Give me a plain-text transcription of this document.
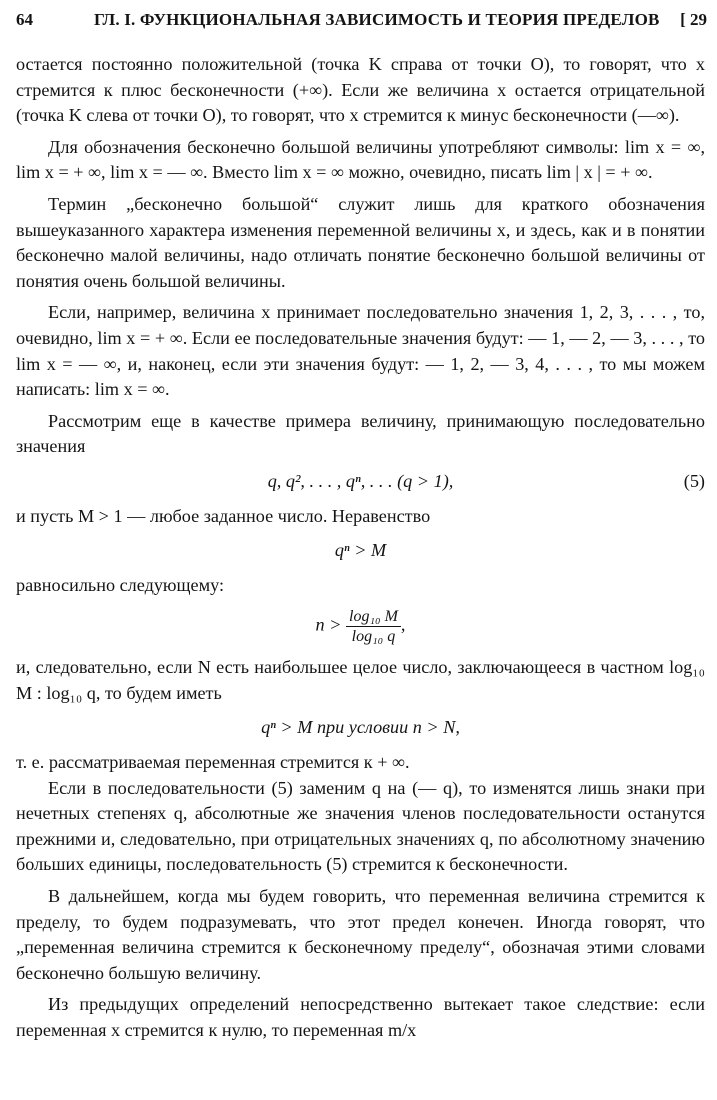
64	ГЛ. I. ФУНКЦИОНАЛЬНАЯ ЗАВИСИМОСТЬ И ТЕОРИЯ ПРЕДЕЛОВ [ 29

остается постоянно положительной (точка K справа от точки O), то говорят, что x стремится к плюс бесконечности (+∞). Если же величина x остается отрицательной (точка K слева от точки O), то говорят, что x стремится к минус бесконечности (—∞).

Для обозначения бесконечно большой величины употребляют символы: lim x = ∞, lim x = + ∞, lim x = — ∞. Вместо lim x = ∞ можно, очевидно, писать lim | x | = + ∞.

Термин „бесконечно большой“ служит лишь для краткого обозначения вышеуказанного характера изменения переменной величины x, и здесь, как и в понятии бесконечно малой величины, надо отличать понятие бесконечно большой величины от понятия очень большой величины.

Если, например, величина x принимает последовательно значения 1, 2, 3, . . . , то, очевидно, lim x = + ∞. Если ее последовательные значения будут: — 1, — 2, — 3, . . . , то lim x = — ∞, и, наконец, если эти значения будут: — 1, 2, — 3, 4, . . . , то мы можем написать: lim x = ∞.

Рассмотрим еще в качестве примера величину, принимающую последовательно значения

q, q², . . . , qⁿ, . . . (q > 1),	(5)

и пусть M > 1 — любое заданное число. Неравенство

qⁿ > M

равносильно следующему:

$n > \frac{\text{log₁₀ M}}{\text{log₁₀ q}}$ ,

и, следовательно, если N есть наибольшее целое число, заключающееся в частном log₁₀ M : log₁₀ q, то будем иметь

qⁿ > M при условии n > N,

т. е. рассматриваемая переменная стремится к + ∞.

Если в последовательности (5) заменим q на (— q), то изменятся лишь знаки при нечетных степенях q, абсолютные же значения членов последовательности останутся прежними и, следовательно, при отрицательных значениях q, по абсолютному значению больших единицы, последовательность (5) стремится к бесконечности.

В дальнейшем, когда мы будем говорить, что переменная величина стремится к пределу, то будем подразумевать, что этот предел конечен. Иногда говорят, что „переменная величина стремится к бесконечному пределу“, обозначая этими словами бесконечно большую величину.

Из предыдущих определений непосредственно вытекает такое следствие: если переменная x стремится к нулю, то переменная m/x
